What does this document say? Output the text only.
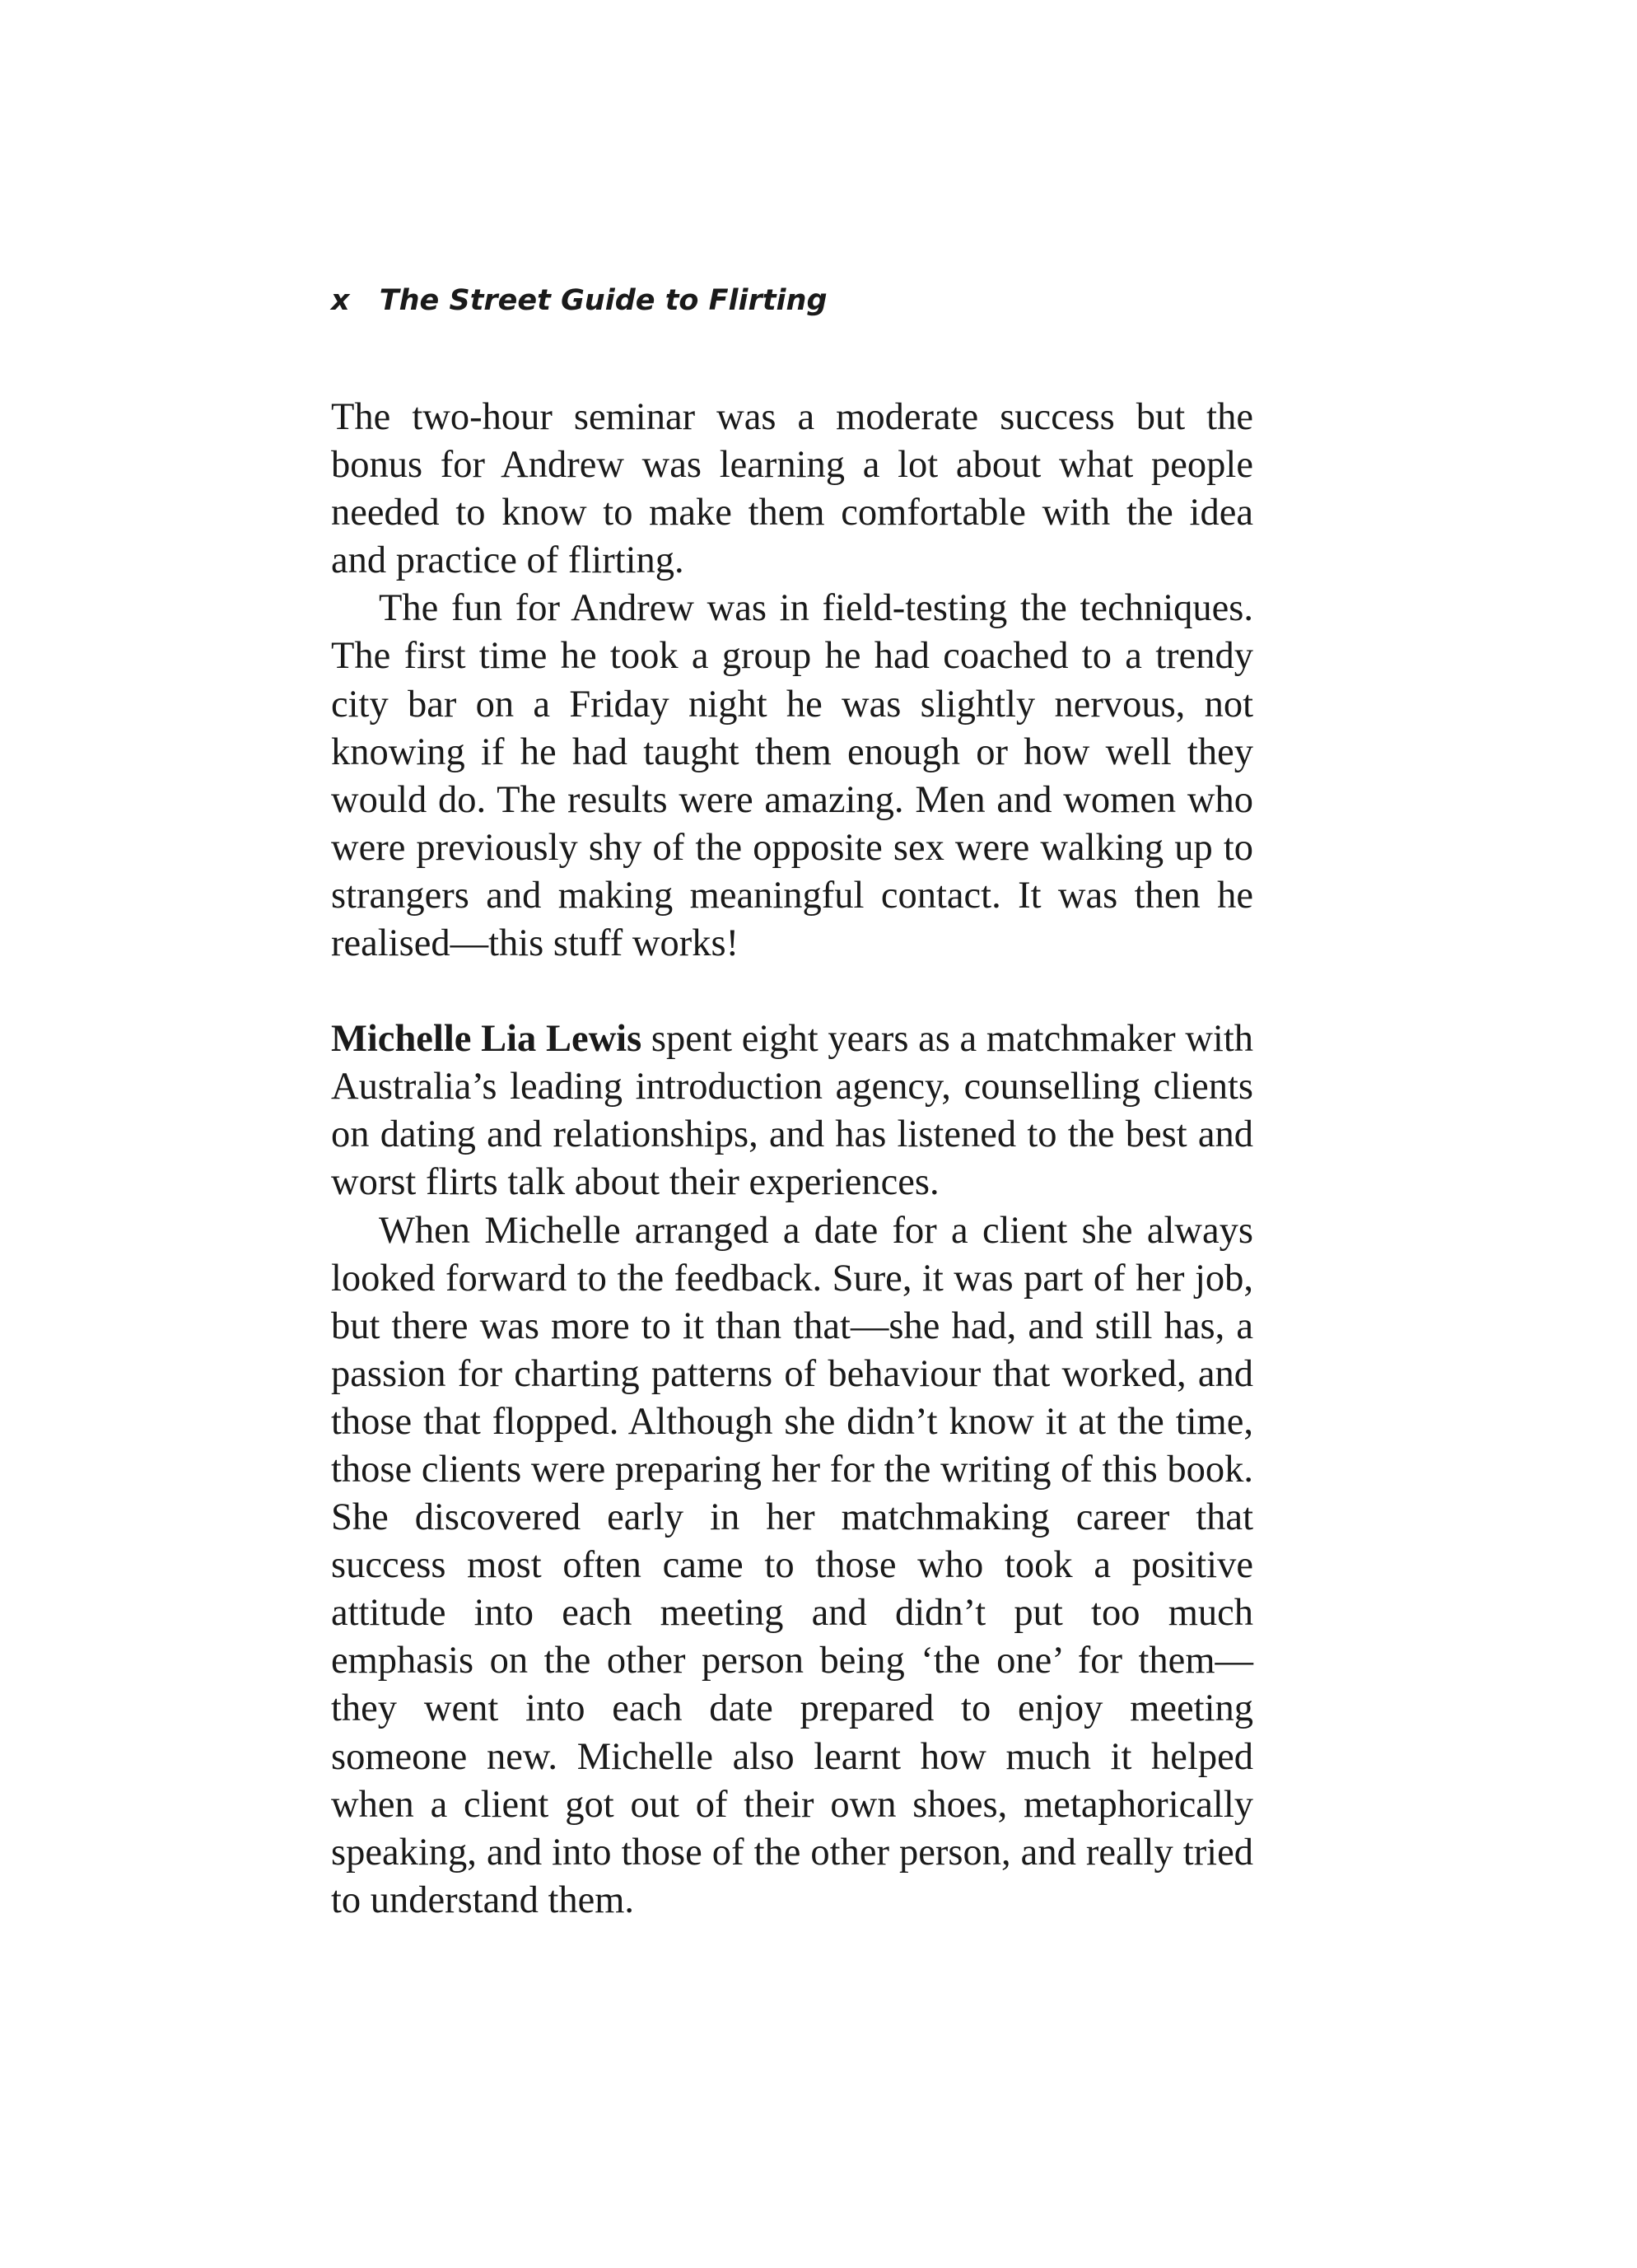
x The Street Guide to Flirting

The two-hour seminar was a moderate success but the bonus for Andrew was learning a lot about what people needed to know to make them comfortable with the idea and practice of flirting.

The fun for Andrew was in field-testing the techniques. The first time he took a group he had coached to a trendy city bar on a Friday night he was slightly nervous, not knowing if he had taught them enough or how well they would do. The results were amazing. Men and women who were previously shy of the opposite sex were walking up to strangers and making meaningful contact. It was then he realised—this stuff works!

Michelle Lia Lewis spent eight years as a matchmaker with Australia’s leading introduction agency, counselling clients on dating and relationships, and has listened to the best and worst flirts talk about their experiences.

When Michelle arranged a date for a client she always looked forward to the feedback. Sure, it was part of her job, but there was more to it than that—she had, and still has, a passion for charting patterns of behaviour that worked, and those that flopped. Although she didn’t know it at the time, those clients were preparing her for the writing of this book. She discovered early in her matchmaking career that success most often came to those who took a positive attitude into each meeting and didn’t put too much emphasis on the other person being ‘the one’ for them—they went into each date prepared to enjoy meeting someone new. Michelle also learnt how much it helped when a client got out of their own shoes, metaphorically speaking, and into those of the other person, and really tried to understand them.
